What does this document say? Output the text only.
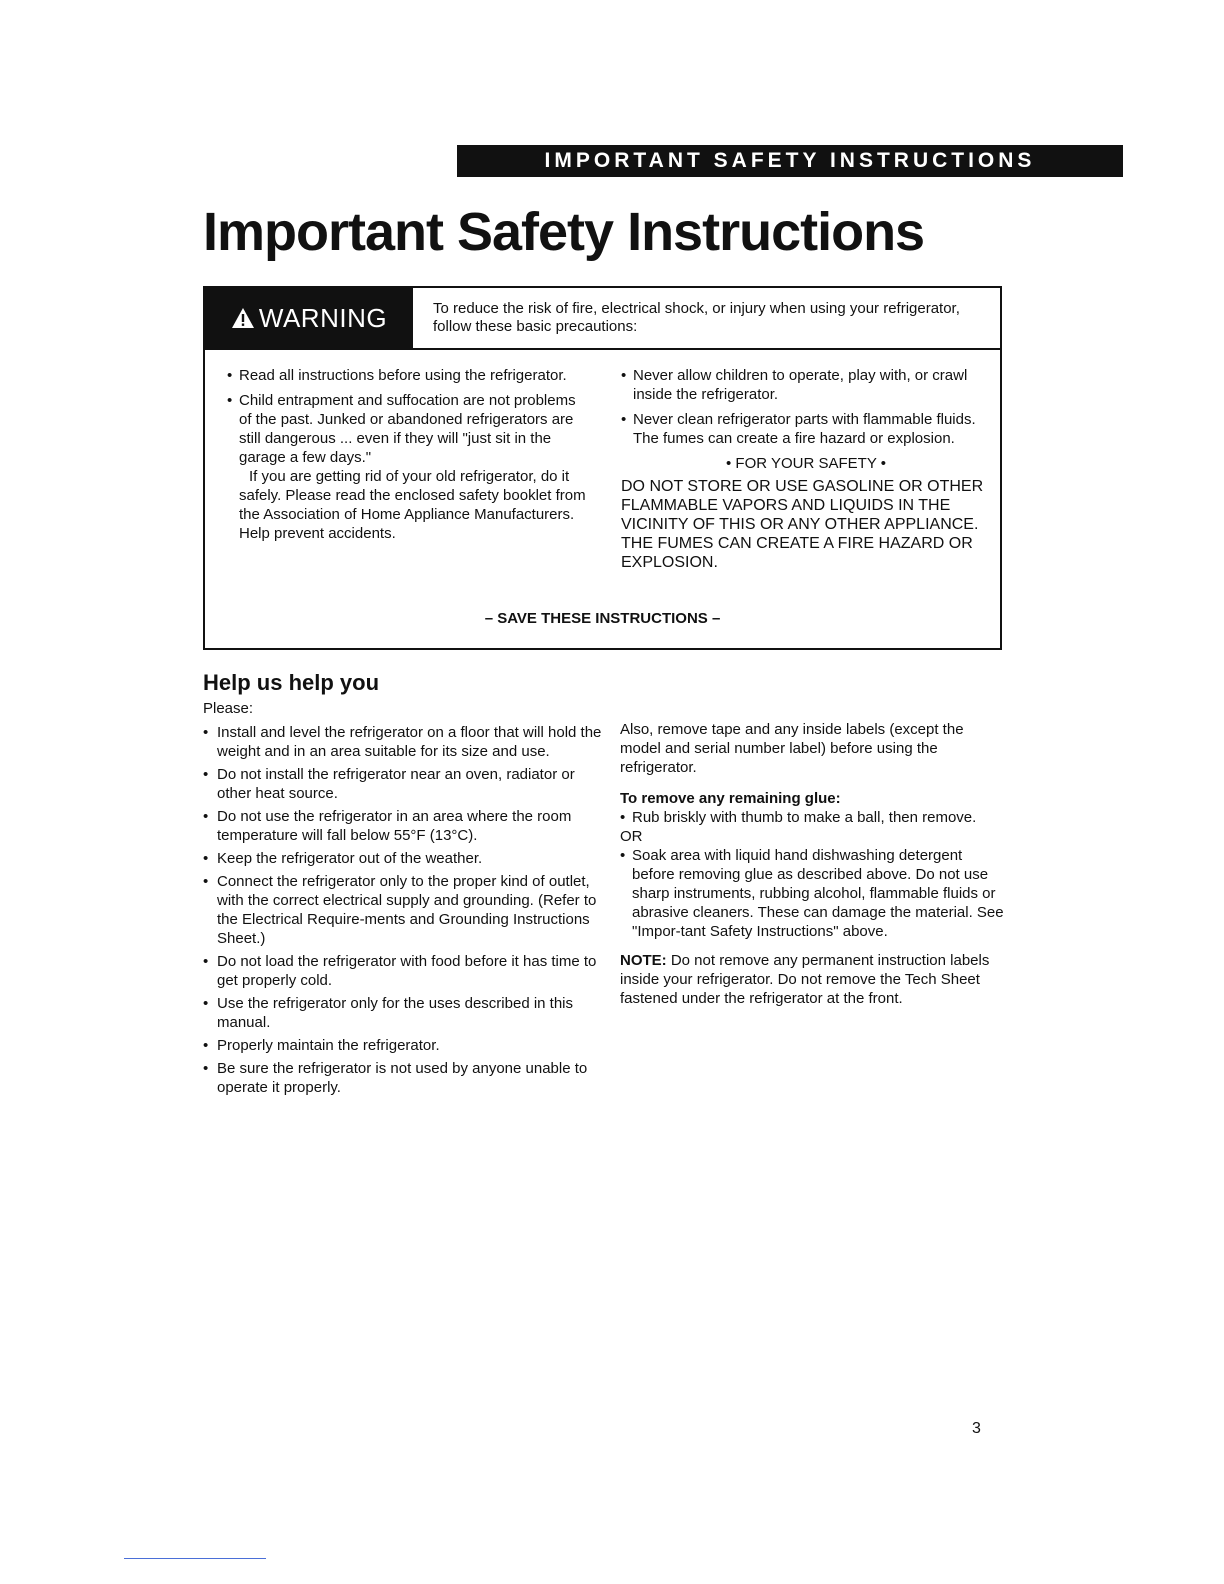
IMPORTANT SAFETY INSTRUCTIONS
Important Safety Instructions
WARNING	To reduce the risk of fire, electrical shock, or injury when using your refrigerator, follow these basic precautions:
• Read all instructions before using the refrigerator.
• Child entrapment and suffocation are not problems of the past. Junked or abandoned refrigerators are still dangerous ... even if they will "just sit in the garage a few days."
If you are getting rid of your old refrigerator, do it safely. Please read the enclosed safety booklet from the Association of Home Appliance Manufacturers. Help prevent accidents.
• Never allow children to operate, play with, or crawl inside the refrigerator.
• Never clean refrigerator parts with flammable fluids. The fumes can create a fire hazard or explosion.
• FOR YOUR SAFETY •
DO NOT STORE OR USE GASOLINE OR OTHER FLAMMABLE VAPORS AND LIQUIDS IN THE VICINITY OF THIS OR ANY OTHER APPLIANCE. THE FUMES CAN CREATE A FIRE HAZARD OR EXPLOSION.
– SAVE THESE INSTRUCTIONS –
Help us help you
Please:
• Install and level the refrigerator on a floor that will hold the weight and in an area suitable for its size and use.
• Do not install the refrigerator near an oven, radiator or other heat source.
• Do not use the refrigerator in an area where the room temperature will fall below 55°F (13°C).
• Keep the refrigerator out of the weather.
• Connect the refrigerator only to the proper kind of outlet, with the correct electrical supply and grounding. (Refer to the Electrical Require-ments and Grounding Instructions Sheet.)
• Do not load the refrigerator with food before it has time to get properly cold.
• Use the refrigerator only for the uses described in this manual.
• Properly maintain the refrigerator.
• Be sure the refrigerator is not used by anyone unable to operate it properly.
Also, remove tape and any inside labels (except the model and serial number label) before using the refrigerator.
To remove any remaining glue:
• Rub briskly with thumb to make a ball, then remove.
OR
• Soak area with liquid hand dishwashing detergent before removing glue as described above. Do not use sharp instruments, rubbing alcohol, flammable fluids or abrasive cleaners. These can damage the material. See "Impor-tant Safety Instructions" above.
NOTE: Do not remove any permanent instruction labels inside your refrigerator. Do not remove the Tech Sheet fastened under the refrigerator at the front.
3
